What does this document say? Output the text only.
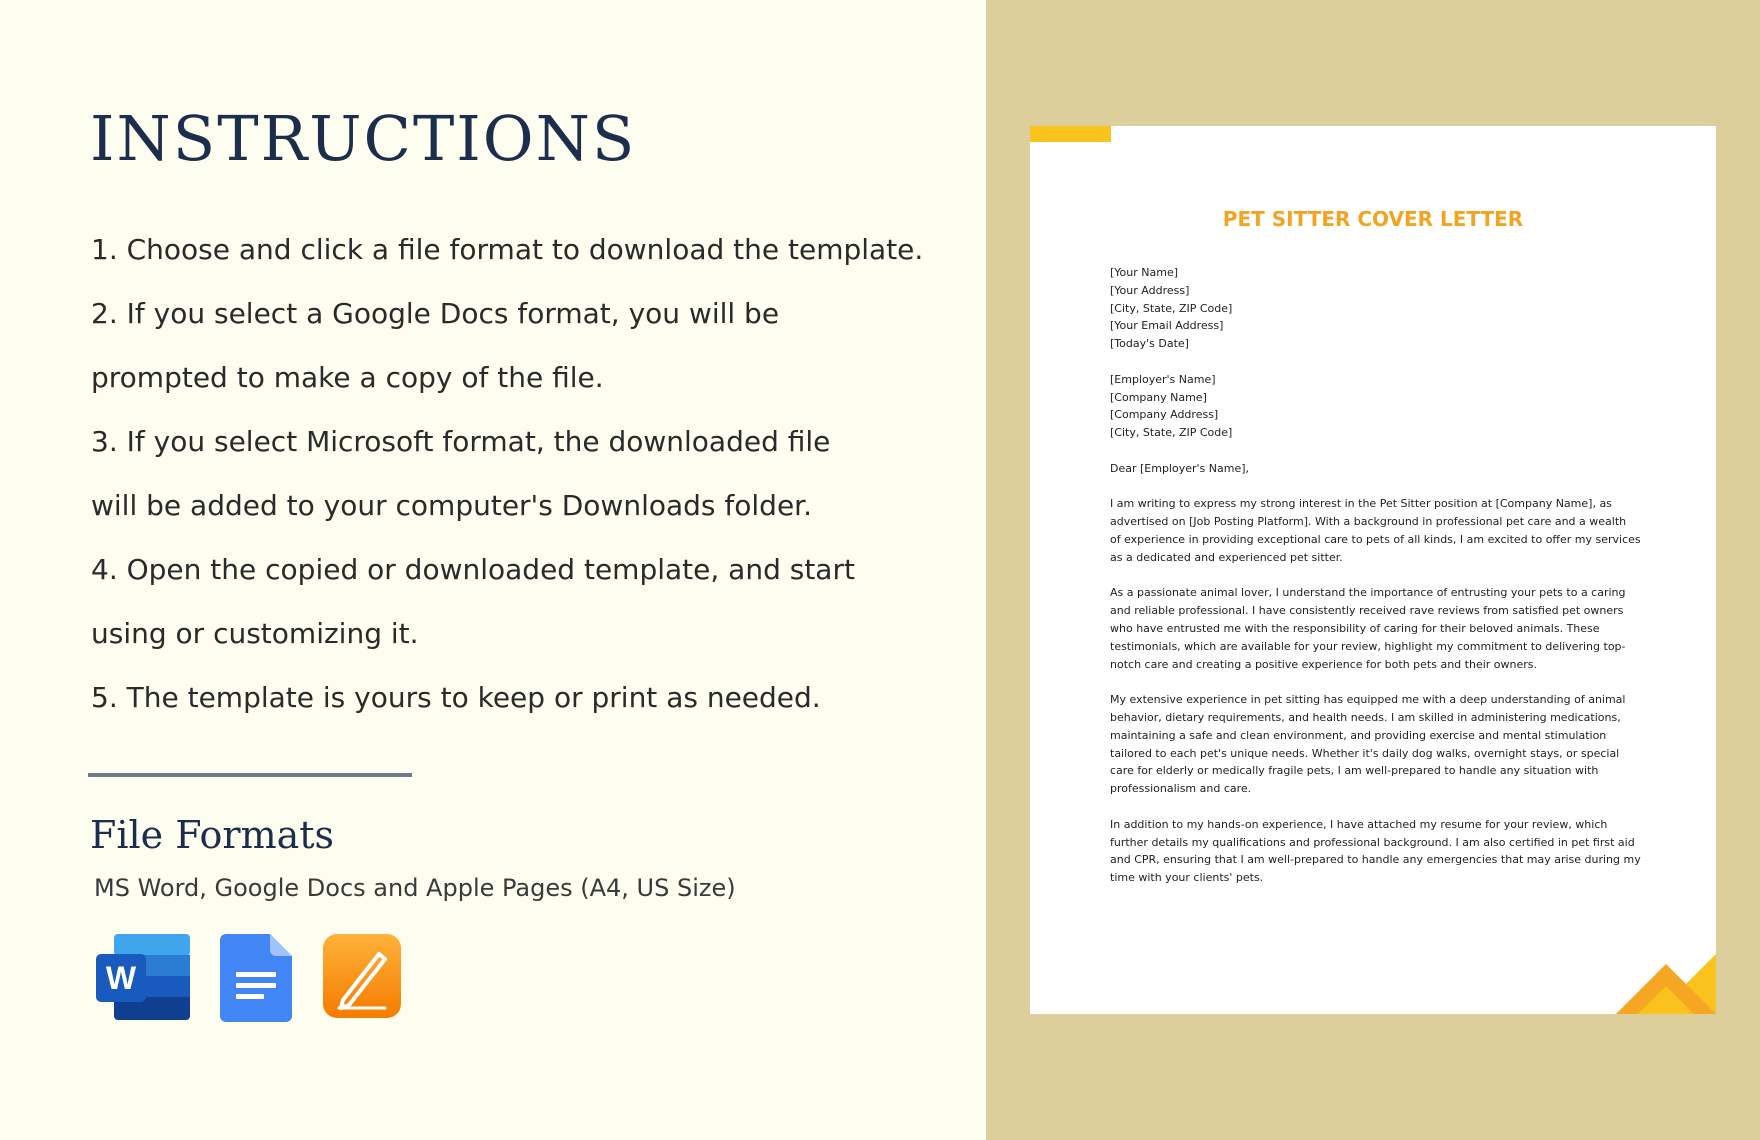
INSTRUCTIONS
1. Choose and click a file format to download the template.
2. If you select a Google Docs format, you will be
prompted to make a copy of the file.
3. If you select Microsoft format, the downloaded file
will be added to your computer's Downloads folder.
4. Open the copied or downloaded template, and start
using or customizing it.
5. The template is yours to keep or print as needed.
File Formats

MS Word, Google Docs and Apple Pages (A4, US Size)

W
PET SITTER COVER LETTER
[Your Name]
[Your Address]
[City, State, ZIP Code]
[Your Email Address]
[Today's Date]
[Employer's Name]
[Company Name]
[Company Address]
[City, State, ZIP Code]

Dear [Employer's Name],

I am writing to express my strong interest in the Pet Sitter position at [Company Name], as
advertised on [Job Posting Platform]. With a background in professional pet care and a wealth
of experience in providing exceptional care to pets of all kinds, I am excited to offer my services
as a dedicated and experienced pet sitter.

As a passionate animal lover, I understand the importance of entrusting your pets to a caring
and reliable professional. I have consistently received rave reviews from satisfied pet owners
who have entrusted me with the responsibility of caring for their beloved animals. These
testimonials, which are available for your review, highlight my commitment to delivering top-
notch care and creating a positive experience for both pets and their owners.

My extensive experience in pet sitting has equipped me with a deep understanding of animal
behavior, dietary requirements, and health needs. I am skilled in administering medications,
maintaining a safe and clean environment, and providing exercise and mental stimulation
tailored to each pet's unique needs. Whether it's daily dog walks, overnight stays, or special
care for elderly or medically fragile pets, I am well-prepared to handle any situation with
professionalism and care.

In addition to my hands-on experience, I have attached my resume for your review, which
further details my qualifications and professional background. I am also certified in pet first aid
and CPR, ensuring that I am well-prepared to handle any emergencies that may arise during my
time with your clients' pets.
